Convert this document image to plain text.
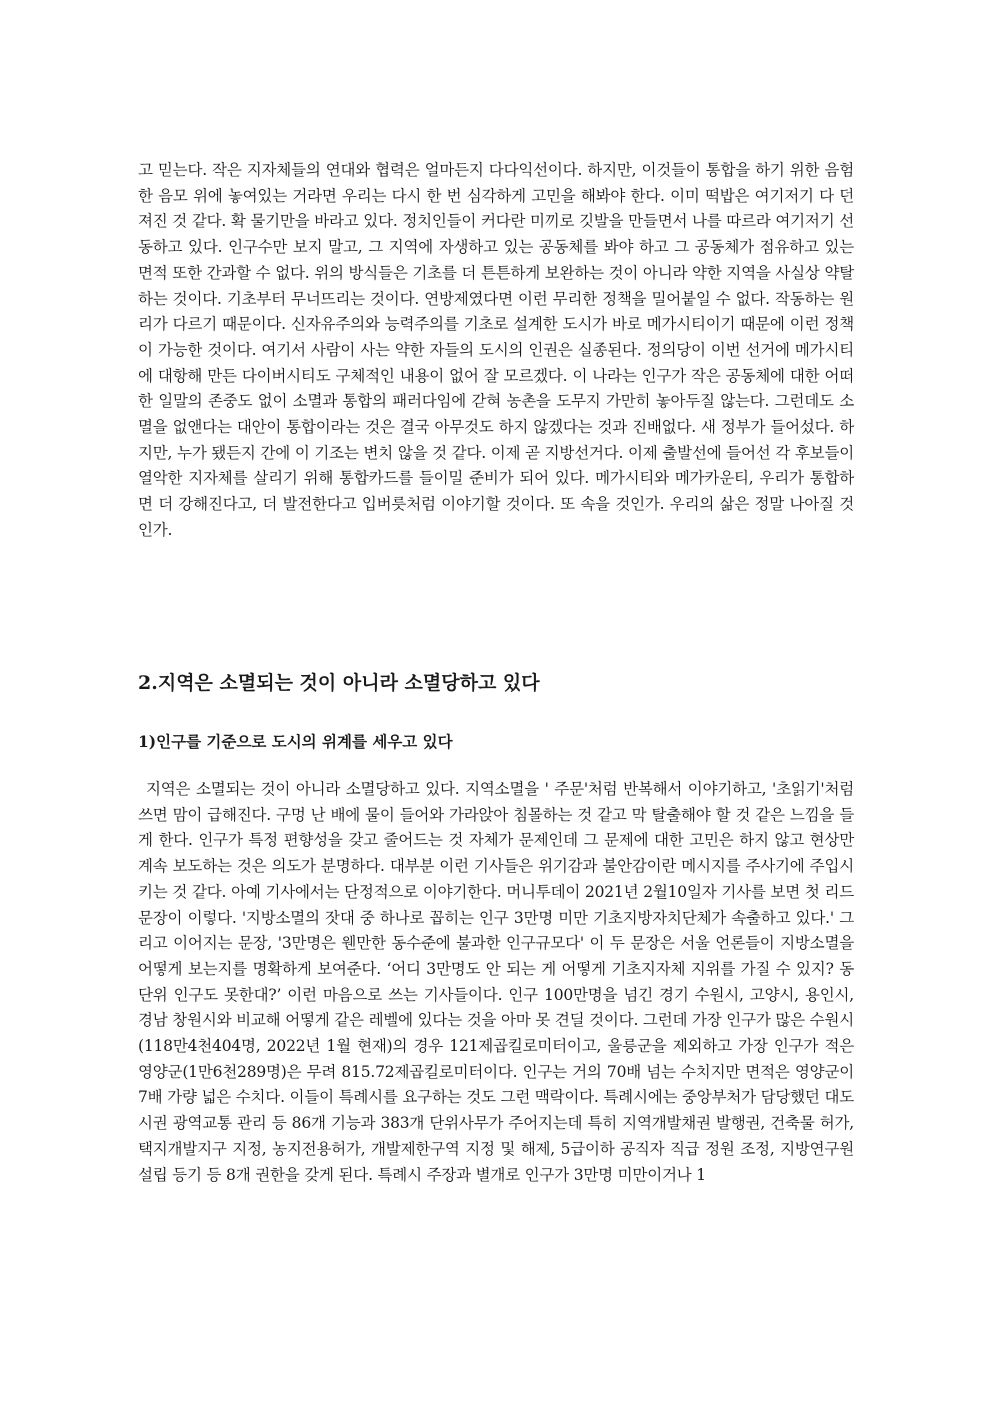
고 믿는다. 작은 지자체들의 연대와 협력은 얼마든지 다다익선이다. 하지만, 이것들이 통합을 하기 위한 음험한 음모 위에 놓여있는 거라면 우리는 다시 한 번 심각하게 고민을 해봐야 한다. 이미 떡밥은 여기저기 다 던져진 것 같다. 확 물기만을 바라고 있다. 정치인들이 커다란 미끼로 깃발을 만들면서 나를 따르라 여기저기 선동하고 있다. 인구수만 보지 말고, 그 지역에 자생하고 있는 공동체를 봐야 하고 그 공동체가 점유하고 있는 면적 또한 간과할 수 없다. 위의 방식들은 기초를 더 튼튼하게 보완하는 것이 아니라 약한 지역을 사실상 약탈하는 것이다. 기초부터 무너뜨리는 것이다. 연방제였다면 이런 무리한 정책을 밀어붙일 수 없다. 작동하는 원리가 다르기 때문이다. 신자유주의와 능력주의를 기초로 설계한 도시가 바로 메가시티이기 때문에 이런 정책이 가능한 것이다. 여기서 사람이 사는 약한 자들의 도시의 인권은 실종된다. 정의당이 이번 선거에 메가시티에 대항해 만든 다이버시티도 구체적인 내용이 없어 잘 모르겠다. 이 나라는 인구가 작은 공동체에 대한 어떠한 일말의 존중도 없이 소멸과 통합의 패러다임에 갇혀 농촌을 도무지 가만히 놓아두질 않는다. 그런데도 소멸을 없앤다는 대안이 통합이라는 것은 결국 아무것도 하지 않겠다는 것과 진배없다. 새 정부가 들어섰다. 하지만, 누가 됐든지 간에 이 기조는 변치 않을 것 같다. 이제 곧 지방선거다. 이제 출발선에 들어선 각 후보들이 열악한 지자체를 살리기 위해 통합카드를 들이밀 준비가 되어 있다. 메가시티와 메가카운티, 우리가 통합하면 더 강해진다고, 더 발전한다고 입버릇처럼 이야기할 것이다. 또 속을 것인가. 우리의 삶은 정말 나아질 것인가.

2.지역은 소멸되는 것이 아니라 소멸당하고 있다
1)인구를 기준으로 도시의 위계를 세우고 있다

지역은 소멸되는 것이 아니라 소멸당하고 있다. 지역소멸을 ' 주문'처럼 반복해서 이야기하고, '초읽기'처럼 쓰면 맘이 급해진다. 구멍 난 배에 물이 들어와 가라앉아 침몰하는 것 같고 막 탈출해야 할 것 같은 느낌을 들게 한다. 인구가 특정 편향성을 갖고 줄어드는 것 자체가 문제인데 그 문제에 대한 고민은 하지 않고 현상만 계속 보도하는 것은 의도가 분명하다. 대부분 이런 기사들은 위기감과 불안감이란 메시지를 주사기에 주입시키는 것 같다. 아예 기사에서는 단정적으로 이야기한다. 머니투데이 2021년 2월10일자 기사를 보면 첫 리드 문장이 이렇다. '지방소멸의 잣대 중 하나로 꼽히는 인구 3만명 미만 기초지방자치단체가 속출하고 있다.' 그리고 이어지는 문장, '3만명은 웬만한 동수준에 불과한 인구규모다' 이 두 문장은 서울 언론들이 지방소멸을 어떻게 보는지를 명확하게 보여준다. ‘어디 3만명도 안 되는 게 어떻게 기초지자체 지위를 가질 수 있지? 동 단위 인구도 못한대?’ 이런 마음으로 쓰는 기사들이다. 인구 100만명을 넘긴 경기 수원시, 고양시, 용인시, 경남 창원시와 비교해 어떻게 같은 레벨에 있다는 것을 아마 못 견딜 것이다. 그런데 가장 인구가 많은 수원시(118만4천404명, 2022년 1월 현재)의 경우 121제곱킬로미터이고, 울릉군을 제외하고 가장 인구가 적은 영양군(1만6천289명)은 무려 815.72제곱킬로미터이다. 인구는 거의 70배 넘는 수치지만 면적은 영양군이 7배 가량 넓은 수치다. 이들이 특례시를 요구하는 것도 그런 맥락이다. 특례시에는 중앙부처가 담당했던 대도시권 광역교통 관리 등 86개 기능과 383개 단위사무가 주어지는데 특히 지역개발채권 발행권, 건축물 허가, 택지개발지구 지정, 농지전용허가, 개발제한구역 지정 및 해제, 5급이하 공직자 직급 정원 조정, 지방연구원 설립 등기 등 8개 권한을 갖게 된다. 특례시 주장과 별개로 인구가 3만명 미만이거나 1
